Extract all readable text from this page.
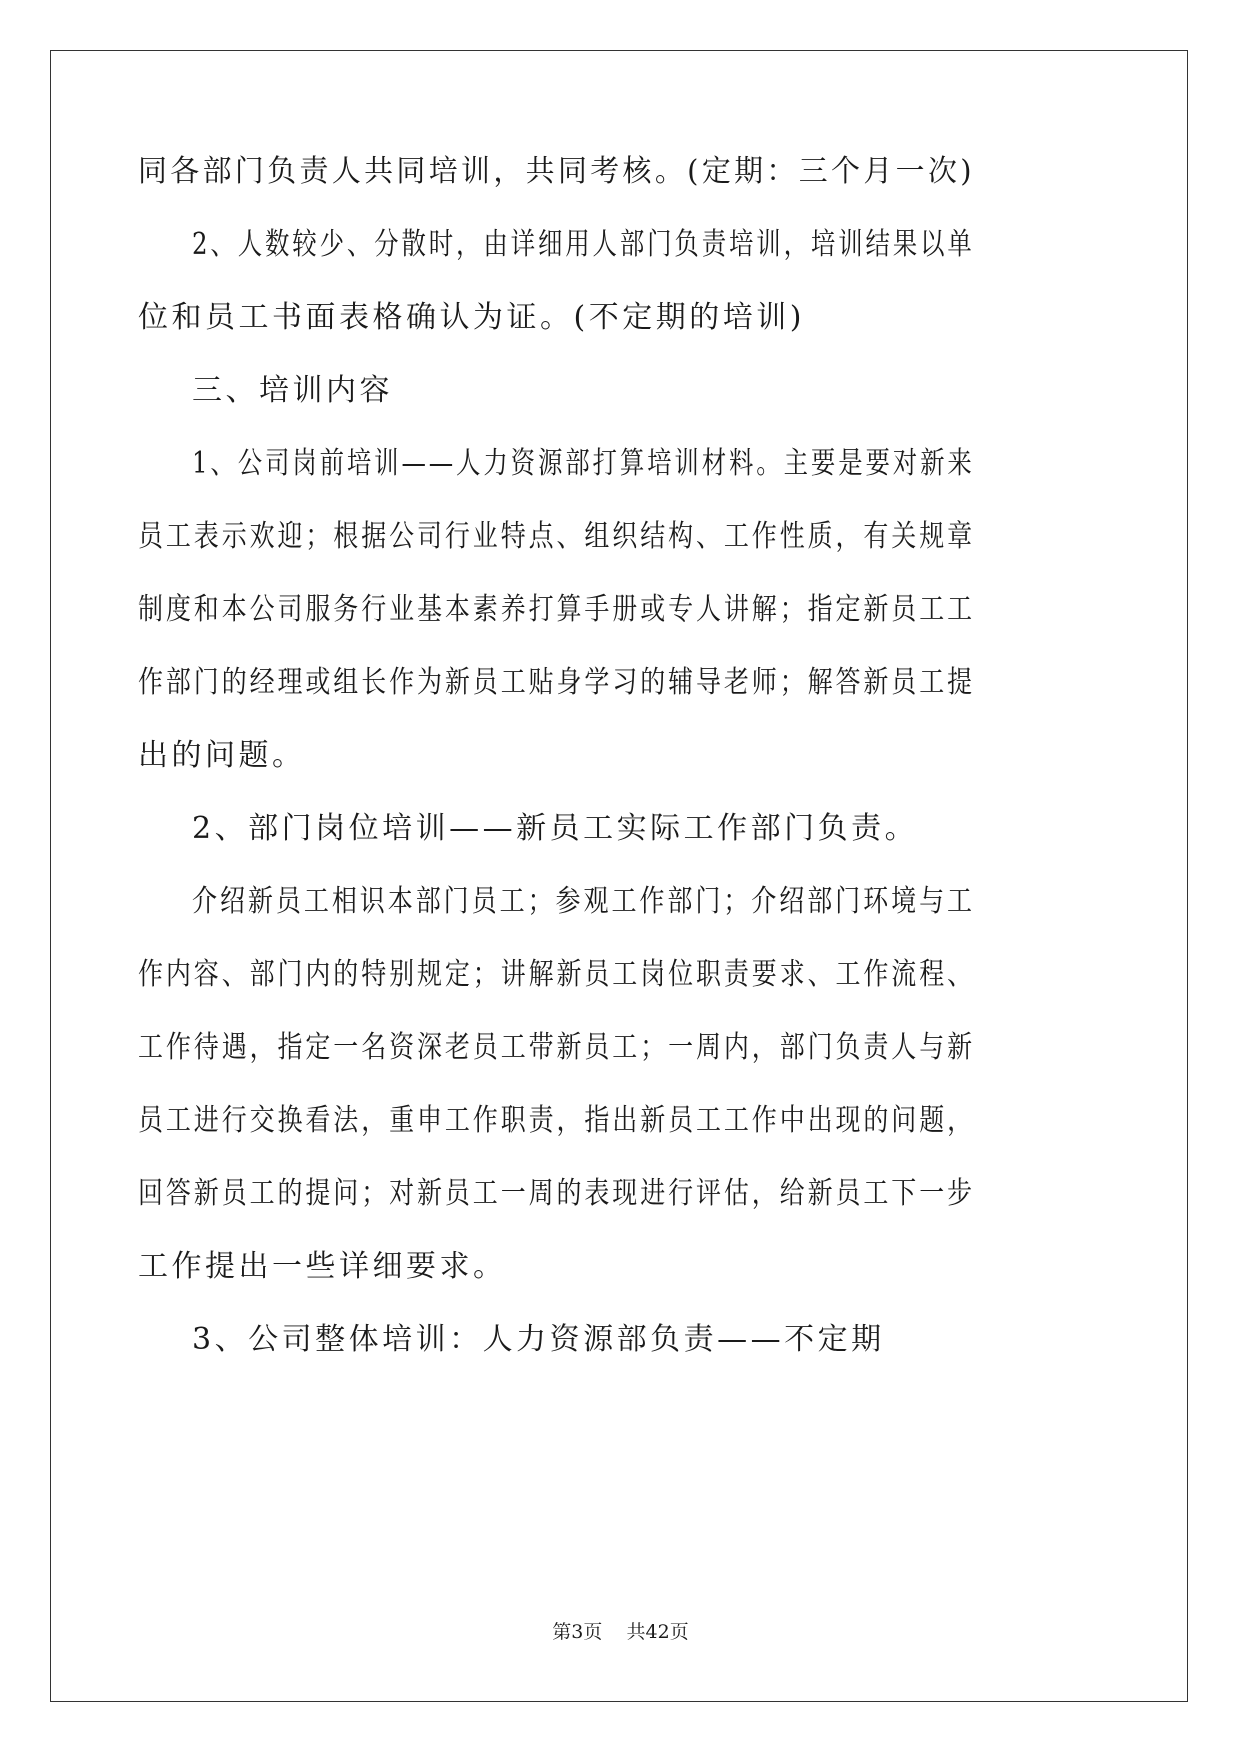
同各部门负责人共同培训，共同考核。(定期：三个月一次)

2、人数较少、分散时，由详细用人部门负责培训，培训结果以单

位和员工书面表格确认为证。(不定期的培训)

三、培训内容

1、公司岗前培训——人力资源部打算培训材料。主要是要对新来

员工表示欢迎；根据公司行业特点、组织结构、工作性质，有关规章

制度和本公司服务行业基本素养打算手册或专人讲解；指定新员工工

作部门的经理或组长作为新员工贴身学习的辅导老师；解答新员工提

出的问题。

2、部门岗位培训——新员工实际工作部门负责。

介绍新员工相识本部门员工；参观工作部门；介绍部门环境与工

作内容、部门内的特别规定；讲解新员工岗位职责要求、工作流程、

工作待遇，指定一名资深老员工带新员工；一周内，部门负责人与新

员工进行交换看法，重申工作职责，指出新员工工作中出现的问题，

回答新员工的提问；对新员工一周的表现进行评估，给新员工下一步

工作提出一些详细要求。

3、公司整体培训：人力资源部负责——不定期

第3页 共42页
